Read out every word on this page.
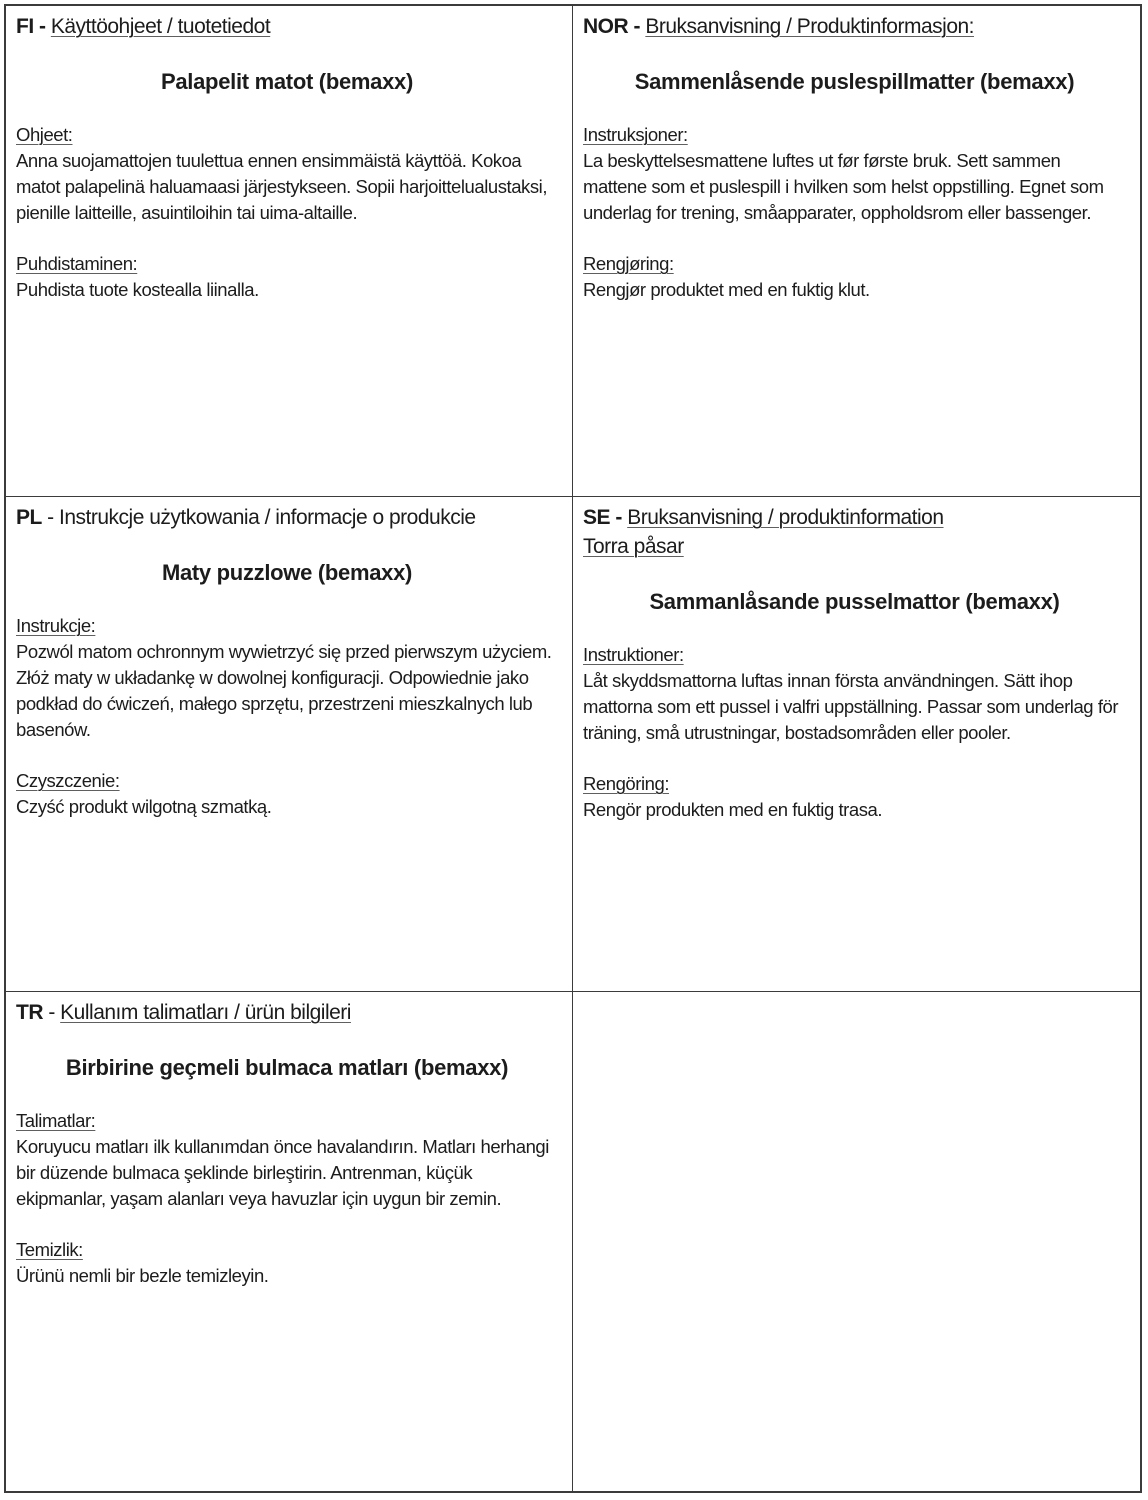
FI - Käyttöohjeet / tuotetiedot
Palapelit matot (bemaxx)
Ohjeet:

Anna suojamattojen tuulettua ennen ensimmäistä käyttöä. Kokoa matot palapelinä haluamaasi järjestykseen. Sopii harjoittelualustaksi, pienille laitteille, asuintiloihin tai uima-altaille.

Puhdistaminen:

Puhdista tuote kostealla liinalla.

NOR - Bruksanvisning / Produktinformasjon:
Sammenlåsende puslespillmatter (bemaxx)
Instruksjoner:

La beskyttelsesmattene luftes ut før første bruk. Sett sammen mattene som et puslespill i hvilken som helst oppstilling. Egnet som underlag for trening, småapparater, oppholdsrom eller bassenger.

Rengjøring:

Rengjør produktet med en fuktig klut.

PL - Instrukcje użytkowania / informacje o produkcie
Maty puzzlowe (bemaxx)
Instrukcje:

Pozwól matom ochronnym wywietrzyć się przed pierwszym użyciem. Złóż maty w układankę w dowolnej konfiguracji. Odpowiednie jako podkład do ćwiczeń, małego sprzętu, przestrzeni mieszkalnych lub basenów.

Czyszczenie:

Czyść produkt wilgotną szmatką.

SE - Bruksanvisning / produktinformation
Torra påsar
Sammanlåsande pusselmattor (bemaxx)
Instruktioner:

Låt skyddsmattorna luftas innan första användningen. Sätt ihop mattorna som ett pussel i valfri uppställning. Passar som underlag för träning, små utrustningar, bostadsområden eller pooler.

Rengöring:

Rengör produkten med en fuktig trasa.

TR - Kullanım talimatları / ürün bilgileri
Birbirine geçmeli bulmaca matları (bemaxx)
Talimatlar:

Koruyucu matları ilk kullanımdan önce havalandırın. Matları herhangi bir düzende bulmaca şeklinde birleştirin. Antrenman, küçük ekipmanlar, yaşam alanları veya havuzlar için uygun bir zemin.

Temizlik:

Ürünü nemli bir bezle temizleyin.
